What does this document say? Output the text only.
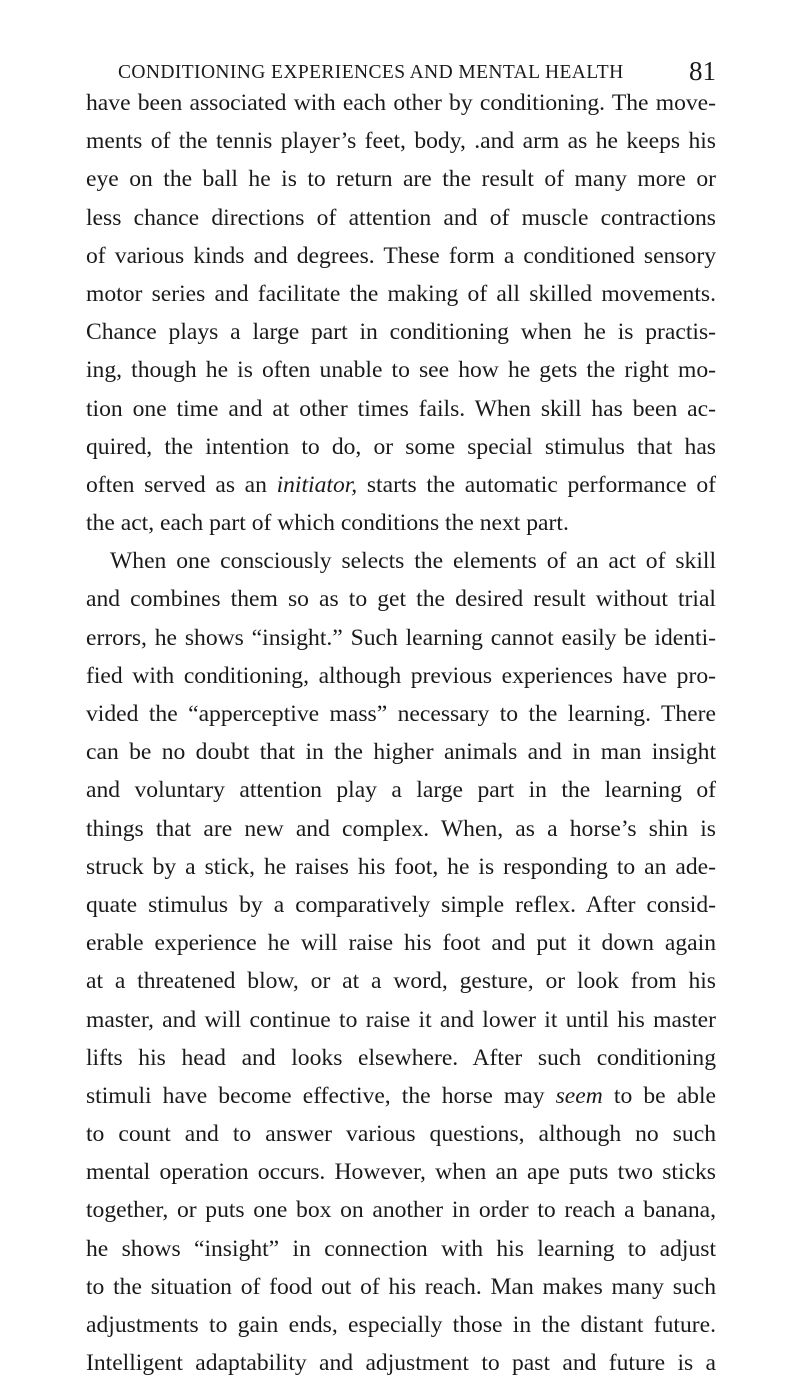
CONDITIONING EXPERIENCES AND MENTAL HEALTH 81
have been associated with each other by conditioning. The move-
ments of the tennis player’s feet, body, .and arm as he keeps his
eye on the ball he is to return are the result of many more or
less chance directions of attention and of muscle contractions
of various kinds and degrees. These form a conditioned sensory
motor series and facilitate the making of all skilled movements.
Chance plays a large part in conditioning when he is practis-
ing, though he is often unable to see how he gets the right mo-
tion one time and at other times fails. When skill has been ac-
quired, the intention to do, or some special stimulus that has
often served as an initiator, starts the automatic performance of
the act, each part of which conditions the next part.
When one consciously selects the elements of an act of skill
and combines them so as to get the desired result without trial
errors, he shows “insight.” Such learning cannot easily be identi-
fied with conditioning, although previous experiences have pro-
vided the “apperceptive mass” necessary to the learning. There
can be no doubt that in the higher animals and in man insight
and voluntary attention play a large part in the learning of
things that are new and complex. When, as a horse’s shin is
struck by a stick, he raises his foot, he is responding to an ade-
quate stimulus by a comparatively simple reflex. After consid-
erable experience he will raise his foot and put it down again
at a threatened blow, or at a word, gesture, or look from his
master, and will continue to raise it and lower it until his master
lifts his head and looks elsewhere. After such conditioning
stimuli have become effective, the horse may seem to be able
to count and to answer various questions, although no such
mental operation occurs. However, when an ape puts two sticks
together, or puts one box on another in order to reach a banana,
he shows “insight” in connection with his learning to adjust
to the situation of food out of his reach. Man makes many such
adjustments to gain ends, especially those in the distant future.
Intelligent adaptability and adjustment to past and future is a
